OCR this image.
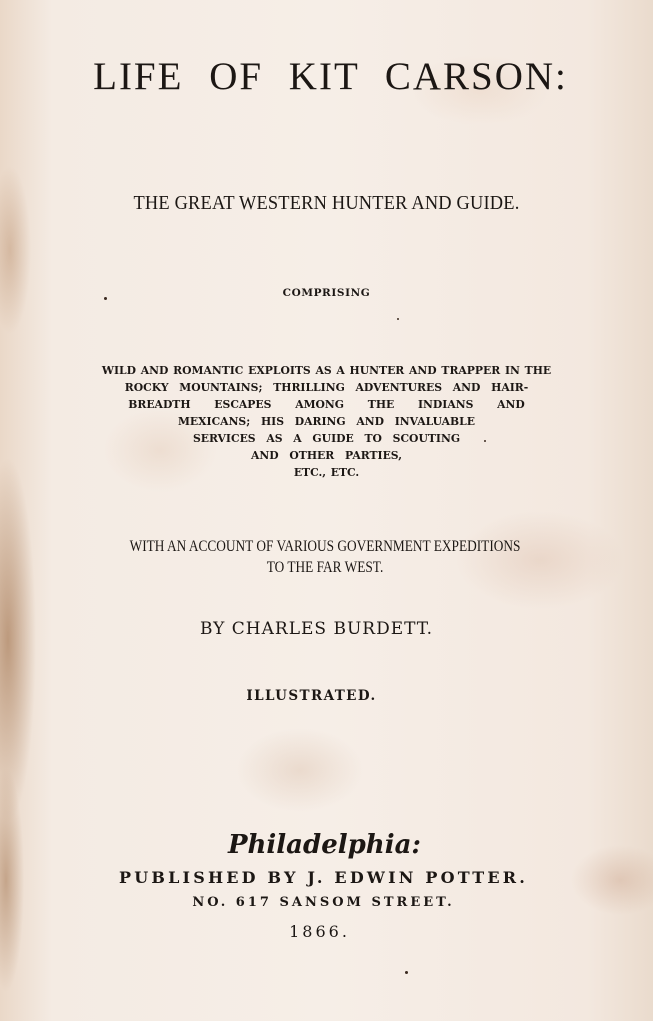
LIFE OF KIT CARSON:
THE GREAT WESTERN HUNTER AND GUIDE.
COMPRISING
WILD AND ROMANTIC EXPLOITS AS A HUNTER AND TRAPPER IN THE
ROCKY MOUNTAINS; THRILLING ADVENTURES AND HAIR-
BREADTH ESCAPES AMONG THE INDIANS AND
MEXICANS; HIS DARING AND INVALUABLE
SERVICES AS A GUIDE TO SCOUTING
AND OTHER PARTIES,
ETC., ETC.
WITH AN ACCOUNT OF VARIOUS GOVERNMENT EXPEDITIONS
TO THE FAR WEST.
BY CHARLES BURDETT.
ILLUSTRATED.
Philadelphia:
PUBLISHED BY J. EDWIN POTTER.
NO. 617 SANSOM STREET.
1866.
